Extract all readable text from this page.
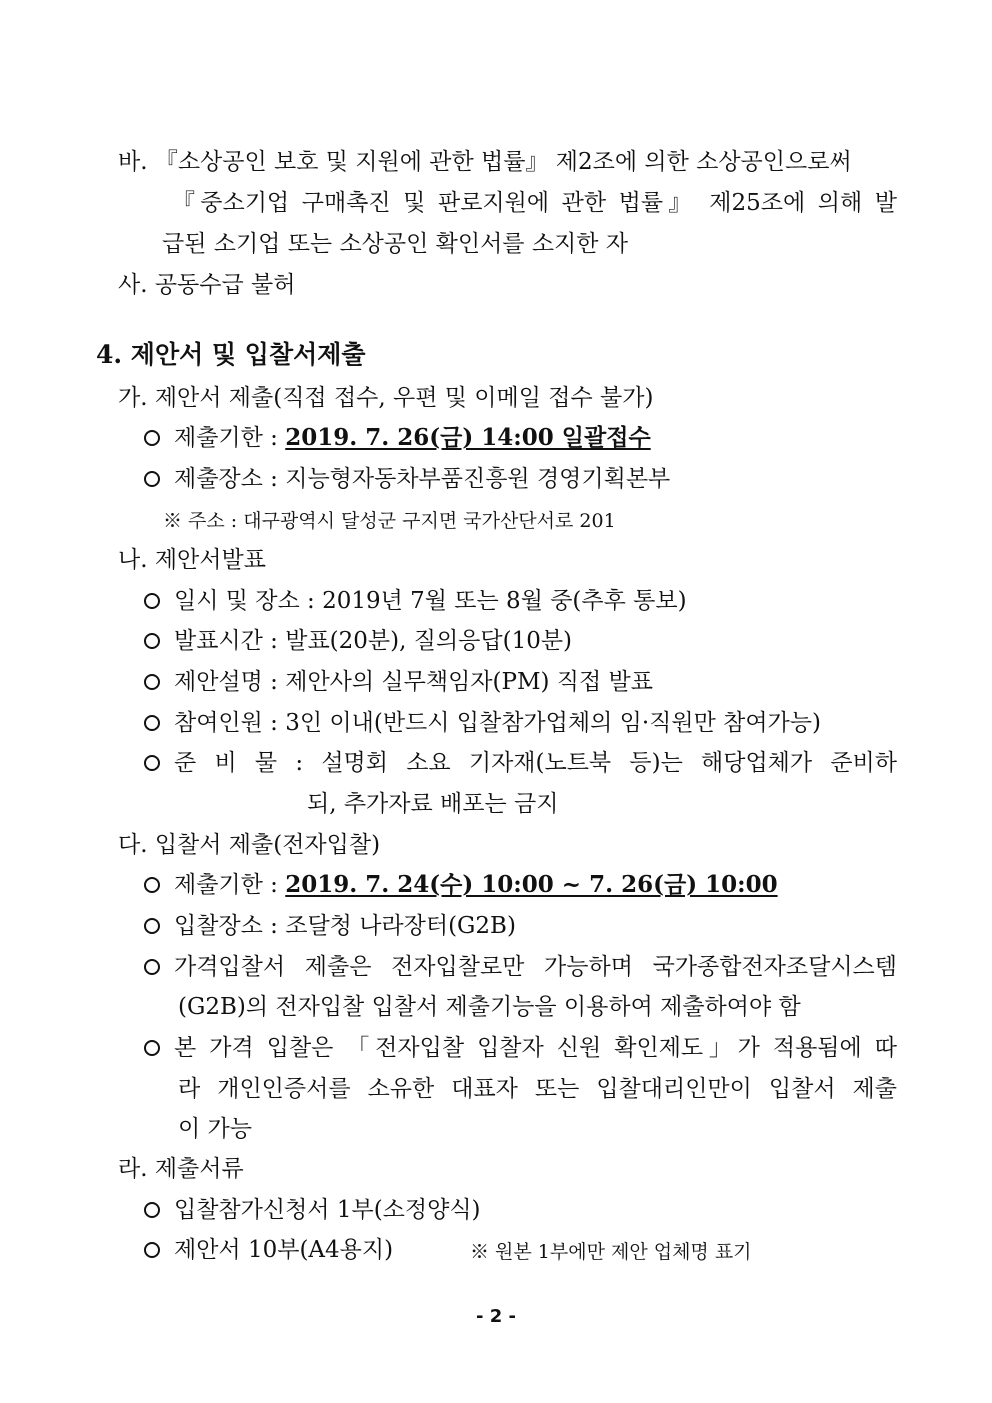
바. 『소상공인 보호 및 지원에 관한 법률』 제2조에 의한 소상공인으로써
『중소기업 구매촉진 및 판로지원에 관한 법률』 제25조에 의해 발
급된 소기업 또는 소상공인 확인서를 소지한 자
사. 공동수급 불허
4. 제안서 및 입찰서제출
가. 제안서 제출(직접 접수, 우편 및 이메일 접수 불가)
제출기한 : 2019. 7. 26(금) 14:00 일괄접수
제출장소 : 지능형자동차부품진흥원 경영기획본부
※ 주소 : 대구광역시 달성군 구지면 국가산단서로 201
나. 제안서발표
일시 및 장소 : 2019년 7월 또는 8월 중(추후 통보)
발표시간 : 발표(20분), 질의응답(10분)
제안설명 : 제안사의 실무책임자(PM) 직접 발표
참여인원 : 3인 이내(반드시 입찰참가업체의 임·직원만 참여가능)
준 비 물 : 설명회 소요 기자재(노트북 등)는 해당업체가 준비하
되, 추가자료 배포는 금지
다. 입찰서 제출(전자입찰)
제출기한 : 2019. 7. 24(수) 10:00 ~ 7. 26(금) 10:00
입찰장소 : 조달청 나라장터(G2B)
가격입찰서 제출은 전자입찰로만 가능하며 국가종합전자조달시스템
(G2B)의 전자입찰 입찰서 제출기능을 이용하여 제출하여야 함
본 가격 입찰은 「전자입찰 입찰자 신원 확인제도」가 적용됨에 따
라 개인인증서를 소유한 대표자 또는 입찰대리인만이 입찰서 제출
이 가능
라. 제출서류
입찰참가신청서 1부(소정양식)
제안서 10부(A4용지)	※ 원본 1부에만 제안 업체명 표기
- 2 -
